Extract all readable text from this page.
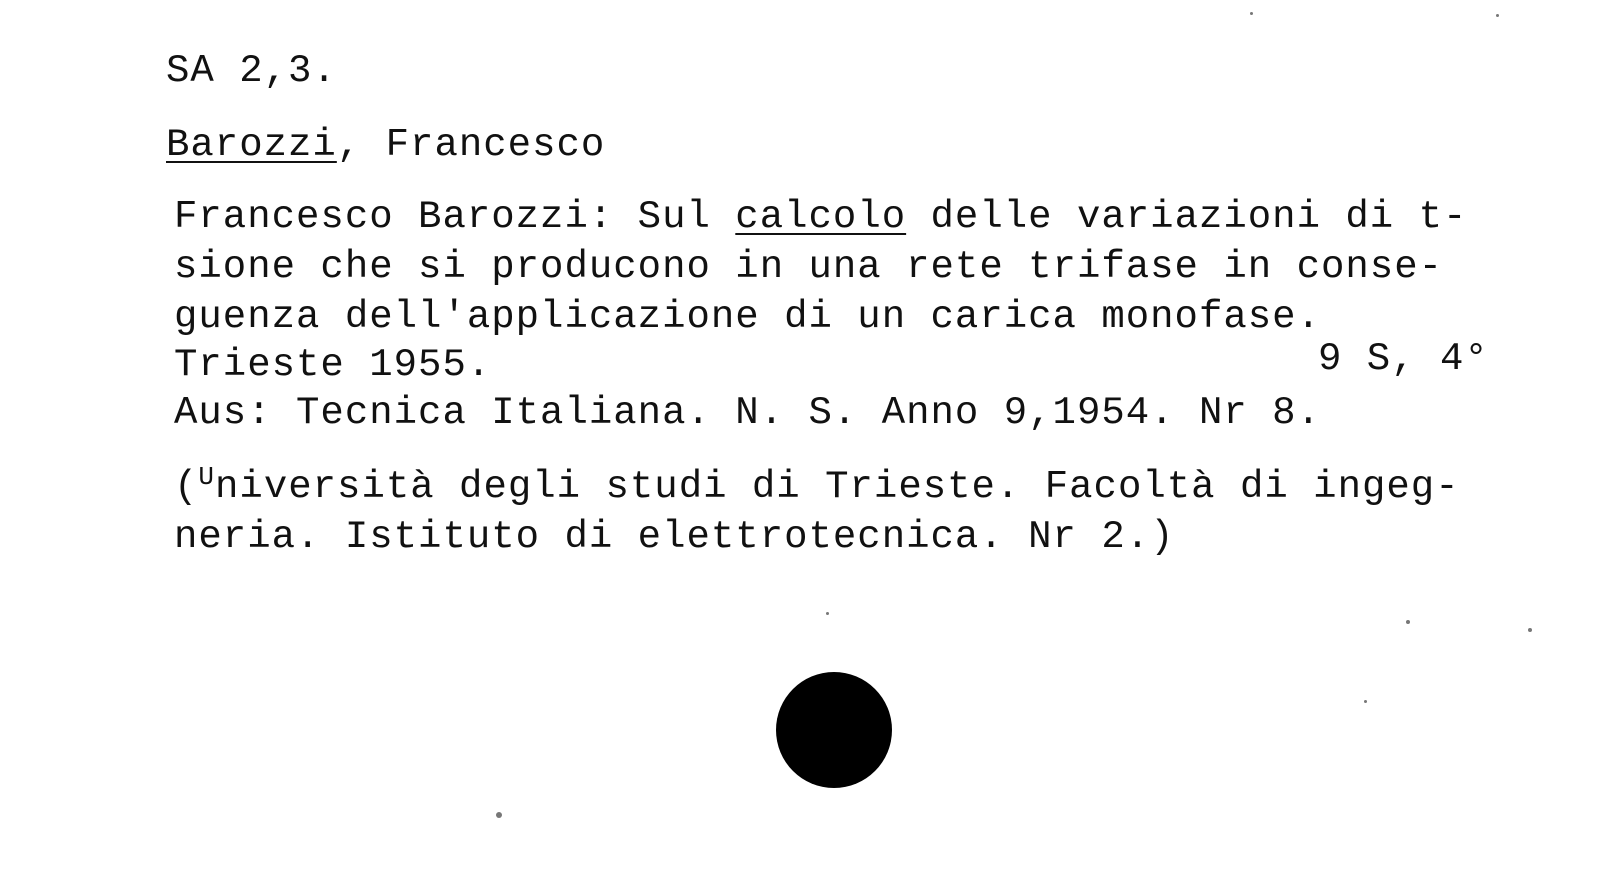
SA 2,3.
Barozzi, Francesco
Francesco Barozzi: Sul calcolo delle variazioni di t-
sione che si producono in una rete trifase in conse-
guenza dell'applicazione di un carica monofase.
Trieste 1955.	9 S, 4°
Aus: Tecnica Italiana. N. S. Anno 9,1954. Nr 8.
($^U$niversità degli studi di Trieste. Facoltà di ingeg-
neria. Istituto di elettrotecnica. Nr 2.)
